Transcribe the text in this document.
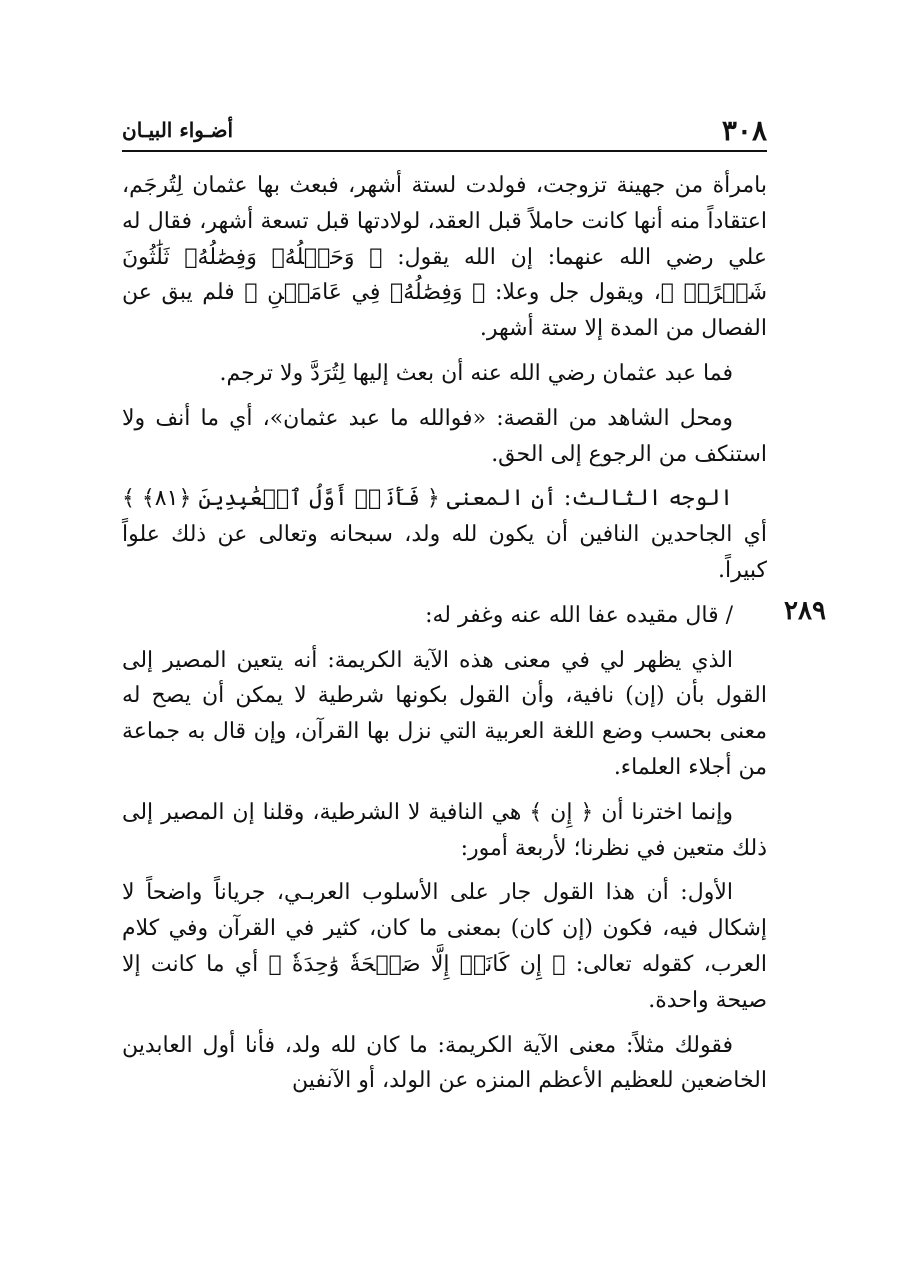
٣٠٨
أضـواء البيـان
٢٨٩

بامرأة من جهينة تزوجت، فولدت لستة أشهر، فبعث بها عثمان لِتُرجَم، اعتقاداً منه أنها كانت حاملاً قبل العقد، لولادتها قبل تسعة أشهر، فقال له علي رضي الله عنهما: إن الله يقول: ﴿ وَحَمۡلُهُۥ وَفِصَٰلُهُۥ ثَلَٰثُونَ شَهۡرًاۚ ﴾، ويقول جل وعلا: ﴿ وَفِصَٰلُهُۥ فِي عَامَيۡنِ ﴾ فلم يبق عن الفصال من المدة إلا ستة أشهر.

فما عبد عثمان رضي الله عنه أن بعث إليها لِتُرَدَّ ولا ترجم.

ومحل الشاهد من القصة: «فوالله ما عبد عثمان»، أي ما أنف ولا استنكف من الرجوع إلى الحق.

الوجه الثالث: أن المعنى ﴿ فَأَنَا۠ أَوَّلُ ٱلۡعَٰبِدِينَ ﴿٨١﴾ ﴾ أي الجاحدين النافين أن يكون لله ولد، سبحانه وتعالى عن ذلك علواً كبيراً.

/ قال مقيده عفا الله عنه وغفر له:

الذي يظهر لي في معنى هذه الآية الكريمة: أنه يتعين المصير إلى القول بأن (إن) نافية، وأن القول بكونها شرطية لا يمكن أن يصح له معنى بحسب وضع اللغة العربية التي نزل بها القرآن، وإن قال به جماعة من أجلاء العلماء.

وإنما اخترنا أن ﴿ إِن ﴾ هي النافية لا الشرطية، وقلنا إن المصير إلى ذلك متعين في نظرنا؛ لأربعة أمور:

الأول: أن هذا القول جار على الأسلوب العربـي، جرياناً واضحاً لا إشكال فيه، فكون (إن كان) بمعنى ما كان، كثير في القرآن وفي كلام العرب، كقوله تعالى: ﴿ إِن كَانَتۡ إِلَّا صَيۡحَةٗ وَٰحِدَةٗ ﴾ أي ما كانت إلا صيحة واحدة.

فقولك مثلاً: معنى الآية الكريمة: ما كان لله ولد، فأنا أول العابدين الخاضعين للعظيم الأعظم المنزه عن الولد، أو الآنفين
